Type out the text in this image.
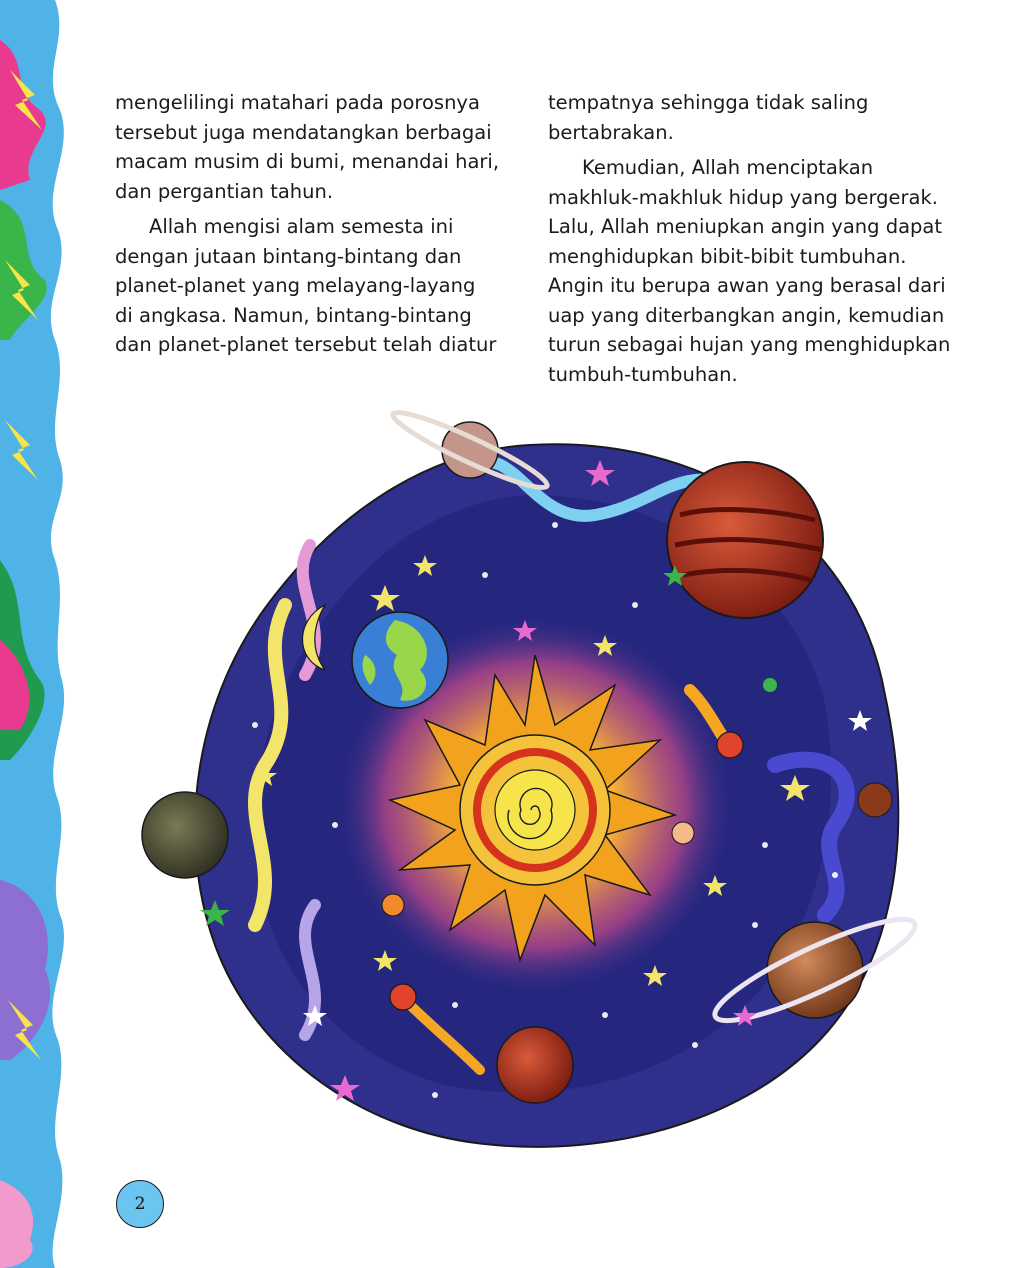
mengelilingi matahari pada porosnya
tersebut juga mendatangkan berbagai
macam musim di bumi, menandai hari,
dan pergantian tahun.

Allah mengisi alam semesta ini
dengan jutaan bintang-bintang dan
planet-planet yang melayang-layang
di angkasa. Namun, bintang-bintang
dan planet-planet tersebut telah diatur

tempatnya sehingga tidak saling
bertabrakan.

Kemudian, Allah menciptakan
makhluk-makhluk hidup yang bergerak.
Lalu, Allah meniupkan angin yang dapat
menghidupkan bibit-bibit tumbuhan.
Angin itu berupa awan yang berasal dari
uap yang diterbangkan angin, kemudian
turun sebagai hujan yang menghidupkan
tumbuh-tumbuhan.

2
